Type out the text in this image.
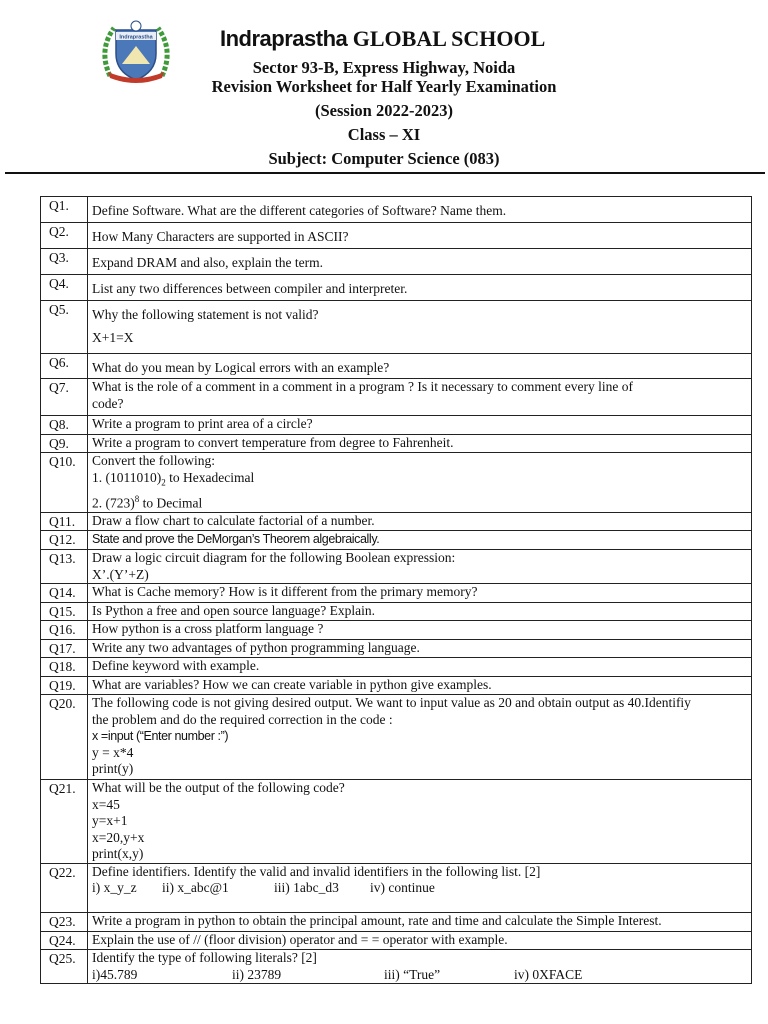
Indraprastha	Indraprastha GLOBAL SCHOOL
Sector 93-B, Express Highway, Noida
Revision Worksheet for Half Yearly Examination
(Session 2022-2023)
Class – XI
Subject: Computer Science (083)
Q1.	Define Software. What are the different categories of Software? Name them.

Q2.	How Many Characters are supported in ASCII?

Q3.	Expand DRAM and also, explain the term.

Q4.	List any two differences between compiler and interpreter.

Q5.	Why the following statement is not valid?
X+1=X

Q6.	What do you mean by Logical errors with an example?

Q7.	What is the role of a comment in a comment in a program ? Is it necessary to comment every line of
code?

Q8.	Write a program to print area of a circle?

Q9.	Write a program to convert temperature from degree to Fahrenheit.

Q10.	Convert the following:
1. $(1011010)_2$ to Hexadecimal
2. $(723)^8$ to Decimal

Q11.	Draw a flow chart to calculate factorial of a number.

Q12.	State and prove the DeMorgan’s Theorem algebraically.

Q13.	Draw a logic circuit diagram for the following Boolean expression:
X’.(Y’+Z)

Q14.	What is Cache memory? How is it different from the primary memory?

Q15.	Is Python a free and open source language? Explain.

Q16.	How python is a cross platform language ?

Q17.	Write any two advantages of python programming language.

Q18.	Define keyword with example.

Q19.	What are variables? How we can create variable in python give examples.

Q20.	The following code is not giving desired output. We want to input value as 20 and obtain output as 40.Identifiy
the problem and do the required correction in the code :
x =input (“Enter number :”)
y = x*4
print(y)

Q21.	What will be the output of the following code?
x=45
y=x+1
x=20,y+x
print(x,y)

Q22.	Define identifiers. Identify the valid and invalid identifiers in the following list. [2]
i) x_y_z ii) x_abc@1 iii) 1abc_d3 iv) continue

Q23.	Write a program in python to obtain the principal amount, rate and time and calculate the Simple Interest.

Q24.	Explain the use of // (floor division) operator and = = operator with example.

Q25.	Identify the type of following literals? [2]
i)45.789 ii) 23789 iii) “True” iv) 0XFACE
